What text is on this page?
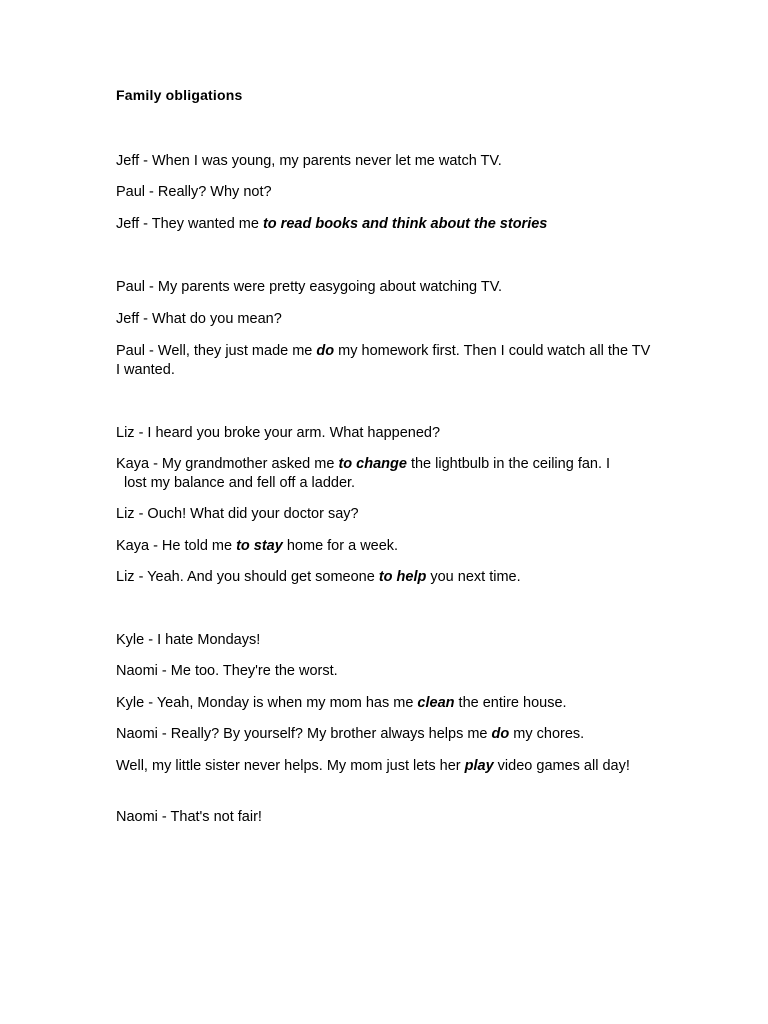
Family obligations
Jeff - When I was young, my parents never let me watch TV.
Paul - Really? Why not?
Jeff - They wanted me to read books and think about the stories
Paul - My parents were pretty easygoing about watching TV.
Jeff - What do you mean?
Paul - Well, they just made me do my homework first. Then I could watch all the TV I wanted.
Liz - I heard you broke your arm. What happened?
Kaya - My grandmother asked me to change the lightbulb in the ceiling fan. I
lost my balance and fell off a ladder.
Liz - Ouch! What did your doctor say?
Kaya - He told me to stay home for a week.
Liz - Yeah. And you should get someone to help you next time.
Kyle - I hate Mondays!
Naomi - Me too. They're the worst.
Kyle - Yeah, Monday is when my mom has me clean the entire house.
Naomi - Really? By yourself? My brother always helps me do my chores.
Well, my little sister never helps. My mom just lets her play video games all day!
Naomi - That's not fair!
